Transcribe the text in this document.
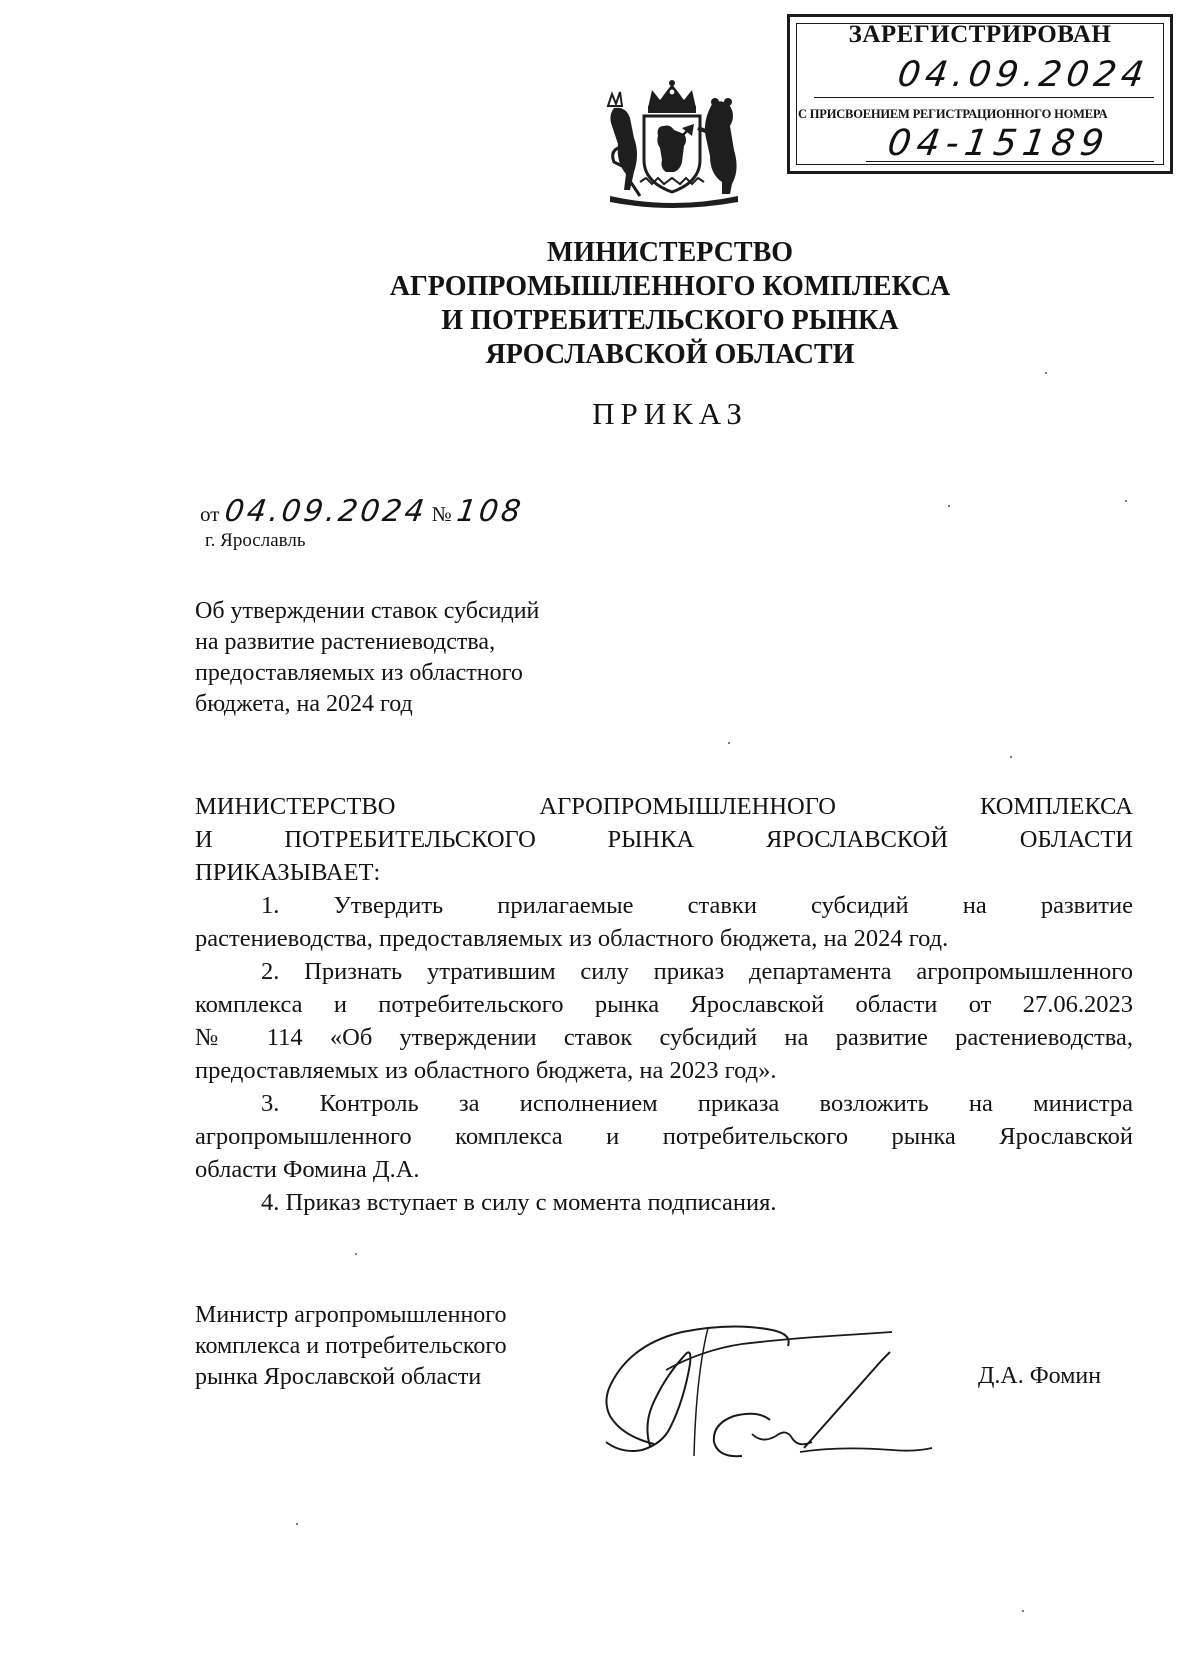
ЗАРЕГИСТРИРОВАН
04.09.2024
С ПРИСВОЕНИЕМ РЕГИСТРАЦИОННОГО НОМЕРА
04-15189
МИНИСТЕРСТВО
АГРОПРОМЫШЛЕННОГО КОМПЛЕКСА
И ПОТРЕБИТЕЛЬСКОГО РЫНКА
ЯРОСЛАВСКОЙ ОБЛАСТИ
ПРИКАЗ
от 04.09.2024 № 108
г. Ярославль
Об утверждении ставок субсидий
на развитие растениеводства,
предоставляемых из областного
бюджета, на 2024 год
МИНИСТЕРСТВО АГРОПРОМЫШЛЕННОГО КОМПЛЕКСА
И ПОТРЕБИТЕЛЬСКОГО РЫНКА ЯРОСЛАВСКОЙ ОБЛАСТИ
ПРИКАЗЫВАЕТ:
1. Утвердить прилагаемые ставки субсидий на развитие
растениеводства, предоставляемых из областного бюджета, на 2024 год.
2. Признать утратившим силу приказ департамента агропромышленного
комплекса и потребительского рынка Ярославской области от 27.06.2023
№ 114 «Об утверждении ставок субсидий на развитие растениеводства,
предоставляемых из областного бюджета, на 2023 год».
3. Контроль за исполнением приказа возложить на министра
агропромышленного комплекса и потребительского рынка Ярославской
области Фомина Д.А.
4. Приказ вступает в силу с момента подписания.
Министр агропромышленного
комплекса и потребительского
рынка Ярославской области	Д.А. Фомин
